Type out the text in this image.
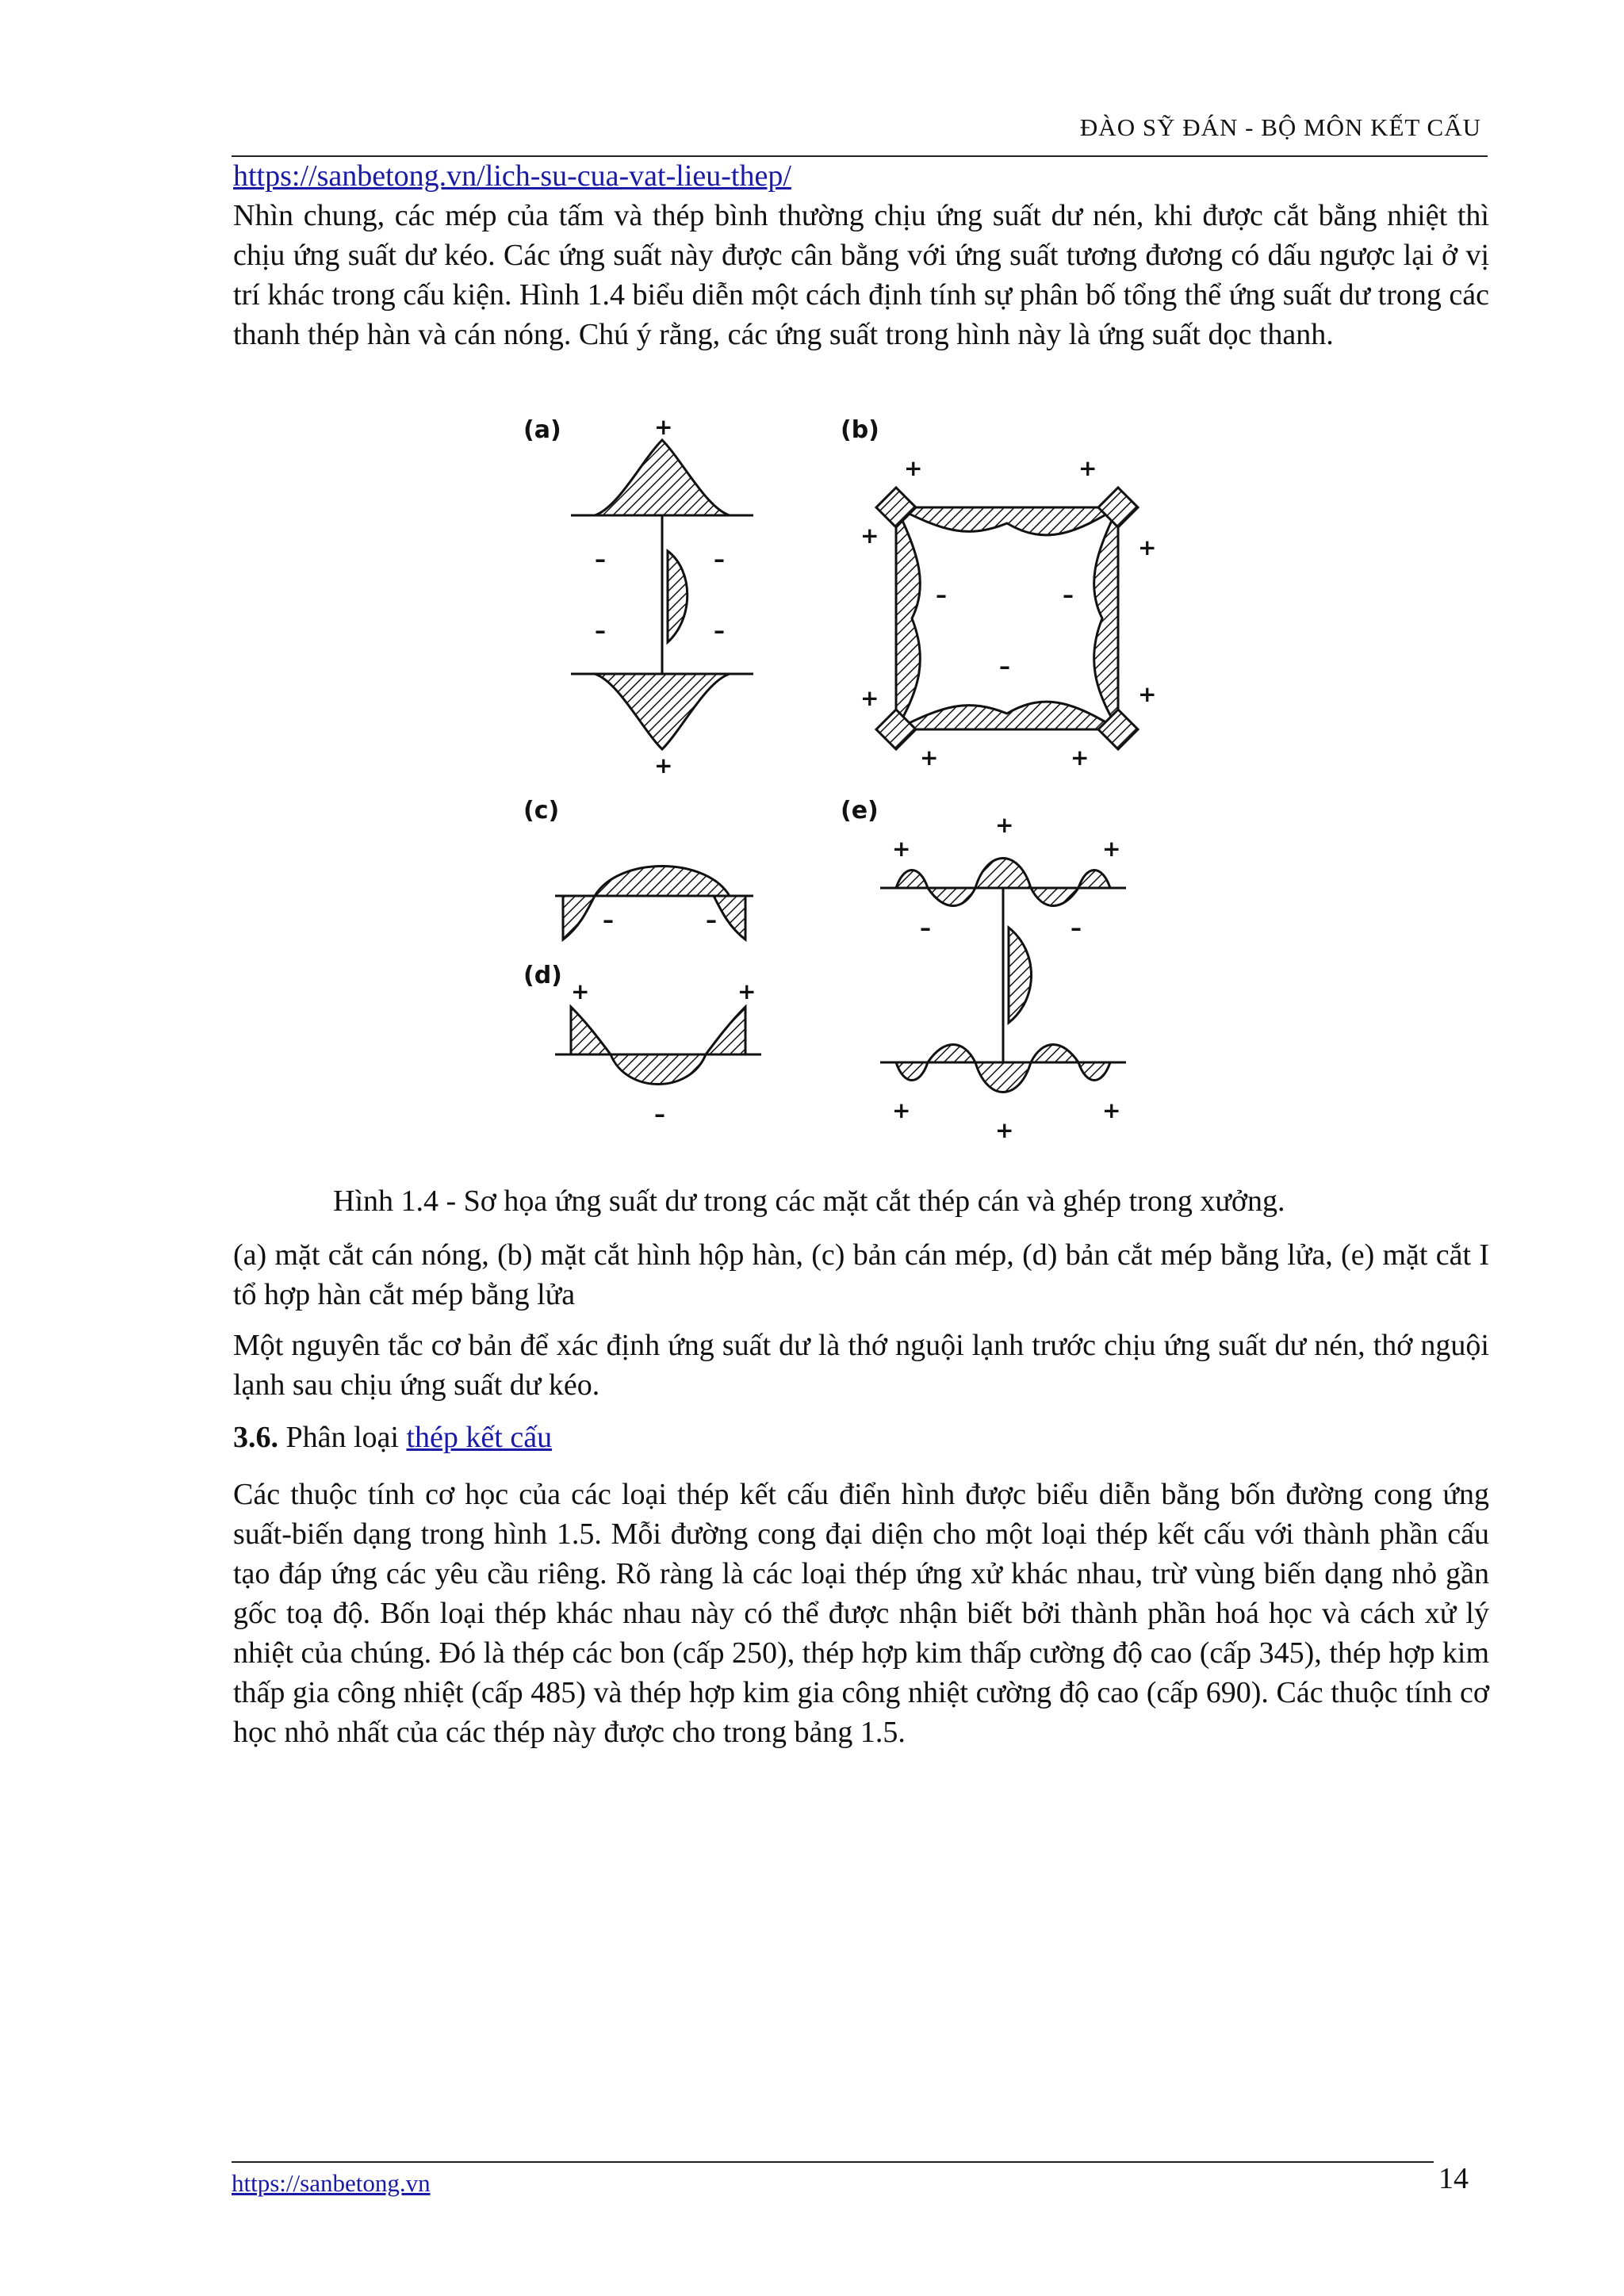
ĐÀO SỸ ĐÁN - BỘ MÔN KẾT CẤU
https://sanbetong.vn/lich-su-cua-vat-lieu-thep/

Nhìn chung, các mép của tấm và thép bình thường chịu ứng suất dư nén, khi được cắt bằng nhiệt thì chịu ứng suất dư kéo. Các ứng suất này được cân bằng với ứng suất tương đương có dấu ngược lại ở vị trí khác trong cấu kiện. Hình 1.4 biểu diễn một cách định tính sự phân bố tổng thể ứng suất dư trong các thanh thép hàn và cán nóng. Chú ý rằng, các ứng suất trong hình này là ứng suất dọc thanh.

(a)	+
+
–	–
–	–
(b)
+	+
+	+
+	+
+	+
–	–
–
(c)
–	–
(d)
+	+
–
(e)
+
+
+
+
+
+
–	–
Hình 1.4 - Sơ họa ứng suất dư trong các mặt cắt thép cán và ghép trong xưởng.

(a) mặt cắt cán nóng, (b) mặt cắt hình hộp hàn, (c) bản cán mép, (d) bản cắt mép bằng lửa, (e) mặt cắt I tổ hợp hàn cắt mép bằng lửa

Một nguyên tắc cơ bản để xác định ứng suất dư là thớ nguội lạnh trước chịu ứng suất dư nén, thớ nguội lạnh sau chịu ứng suất dư kéo.

3.6. Phân loại thép kết cấu

Các thuộc tính cơ học của các loại thép kết cấu điển hình được biểu diễn bằng bốn đường cong ứng suất-biến dạng trong hình 1.5. Mỗi đường cong đại diện cho một loại thép kết cấu với thành phần cấu tạo đáp ứng các yêu cầu riêng. Rõ ràng là các loại thép ứng xử khác nhau, trừ vùng biến dạng nhỏ gần gốc toạ độ. Bốn loại thép khác nhau này có thể được nhận biết bởi thành phần hoá học và cách xử lý nhiệt của chúng. Đó là thép các bon (cấp 250), thép hợp kim thấp cường độ cao (cấp 345), thép hợp kim thấp gia công nhiệt (cấp 485) và thép hợp kim gia công nhiệt cường độ cao (cấp 690). Các thuộc tính cơ học nhỏ nhất của các thép này được cho trong bảng 1.5.

https://sanbetong.vn	14
